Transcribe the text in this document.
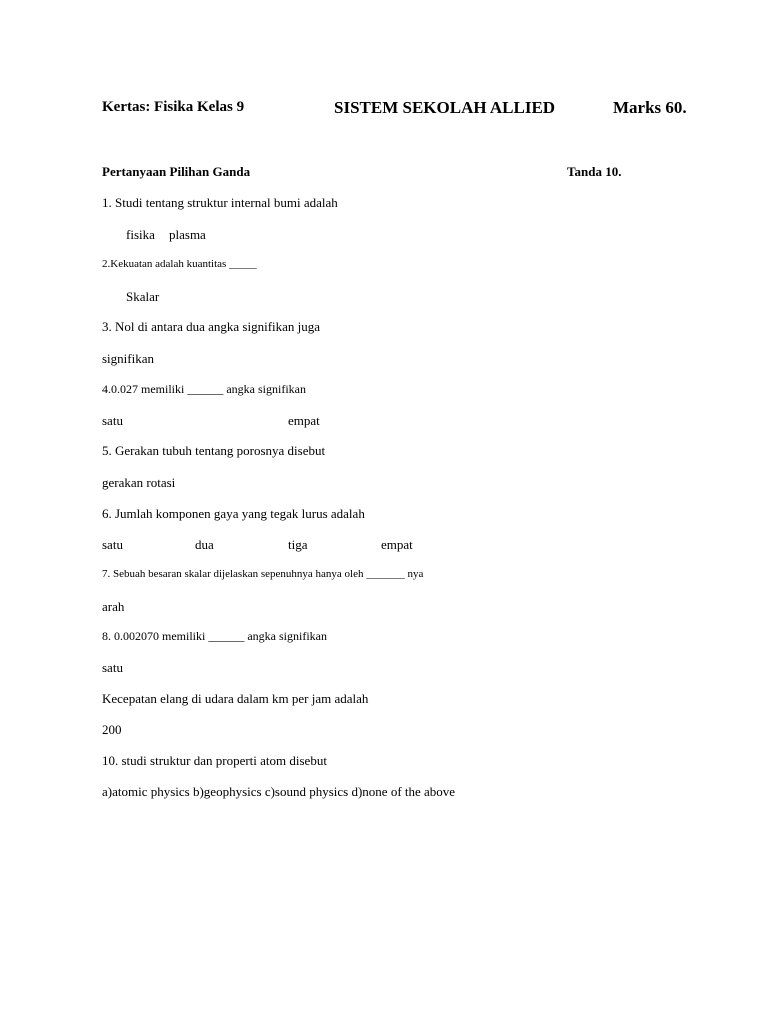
Kertas: Fisika Kelas 9	SISTEM SEKOLAH ALLIED	Marks 60.
Pertanyaan Pilihan Ganda	Tanda 10.
1. Studi tentang struktur internal bumi adalah
fisika plasma
2.Kekuatan adalah kuantitas _____
Skalar
3. Nol di antara dua angka signifikan juga
signifikan
4.0.027 memiliki ______ angka signifikan
satu	empat
5. Gerakan tubuh tentang porosnya disebut
gerakan rotasi
6. Jumlah komponen gaya yang tegak lurus adalah
satu	dua	tiga	empat
7. Sebuah besaran skalar dijelaskan sepenuhnya hanya oleh _______ nya
arah
8. 0.002070 memiliki ______ angka signifikan
satu
Kecepatan elang di udara dalam km per jam adalah
200
10. studi struktur dan properti atom disebut
a)atomic physics b)geophysics c)sound physics d)none of the above
